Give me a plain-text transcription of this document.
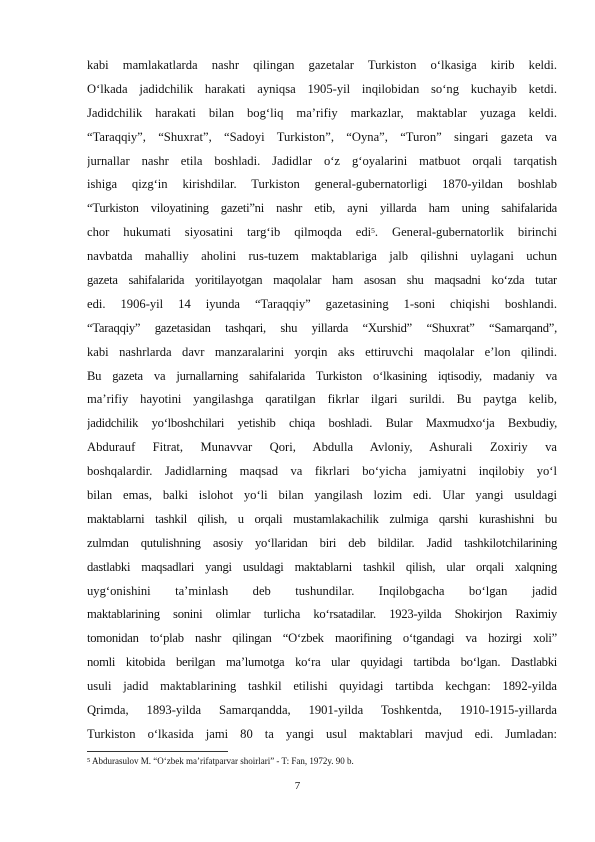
kabi mamlakatlarda nashr qilingan gazetalar Turkiston o‘lkasiga kirib keldi.
O‘lkada jadidchilik harakati ayniqsa 1905-yil inqilobidan so‘ng kuchayib ketdi.
Jadidchilik harakati bilan bog‘liq ma’rifiy markazlar, maktablar yuzaga keldi.
“Taraqqiy”, “Shuxrat”, “Sadoyi Turkiston”, “Oyna”, “Turon” singari gazeta va
jurnallar nashr etila boshladi. Jadidlar o‘z g‘oyalarini matbuot orqali tarqatish
ishiga qizg‘in kirishdilar. Turkiston general-gubernatorligi 1870-yildan boshlab
“Turkiston viloyatining gazeti”ni nashr etib, ayni yillarda ham uning sahifalarida
chor hukumati siyosatini targ‘ib qilmoqda edi$^5$. General-gubernatorlik birinchi
navbatda mahalliy aholini rus-tuzem maktablariga jalb qilishni uylagani uchun
gazeta sahifalarida yoritilayotgan maqolalar ham asosan shu maqsadni ko‘zda tutar
edi. 1906-yil 14 iyunda “Taraqqiy” gazetasining 1-soni chiqishi boshlandi.
“Taraqqiy” gazetasidan tashqari, shu yillarda “Xurshid” “Shuxrat” “Samarqand”,
kabi nashrlarda davr manzaralarini yorqin aks ettiruvchi maqolalar e’lon qilindi.
Bu gazeta va jurnallarning sahifalarida Turkiston o‘lkasining iqtisodiy, madaniy va
ma’rifiy hayotini yangilashga qaratilgan fikrlar ilgari surildi. Bu paytga kelib,
jadidchilik yo‘lboshchilari yetishib chiqa boshladi. Bular Maxmudxo‘ja Bexbudiy,
Abdurauf Fitrat, Munavvar Qori, Abdulla Avloniy, Ashurali Zoxiriy va
boshqalardir. Jadidlarning maqsad va fikrlari bo‘yicha jamiyatni inqilobiy yo‘l
bilan emas, balki islohot yo‘li bilan yangilash lozim edi. Ular yangi usuldagi
maktablarni tashkil qilish, u orqali mustamlakachilik zulmiga qarshi kurashishni bu
zulmdan qutulishning asosiy yo‘llaridan biri deb bildilar. Jadid tashkilotchilarining
dastlabki maqsadlari yangi usuldagi maktablarni tashkil qilish, ular orqali xalqning
uyg‘onishini ta’minlash deb tushundilar. Inqilobgacha bo‘lgan jadid
maktablarining sonini olimlar turlicha ko‘rsatadilar. 1923-yilda Shokirjon Raximiy
tomonidan to‘plab nashr qilingan “O‘zbek maorifining o‘tgandagi va hozirgi xoli”
nomli kitobida berilgan ma’lumotga ko‘ra ular quyidagi tartibda bo‘lgan. Dastlabki
usuli jadid maktablarining tashkil etilishi quyidagi tartibda kechgan: 1892-yilda
Qrimda, 1893-yilda Samarqandda, 1901-yilda Toshkentda, 1910-1915-yillarda
Turkiston o‘lkasida jami 80 ta yangi usul maktablari mavjud edi. Jumladan:
$^5$ Abdurasulov M. “O‘zbek ma’rifatparvar shoirlari” - T: Fan, 1972y. 90 b.
7
